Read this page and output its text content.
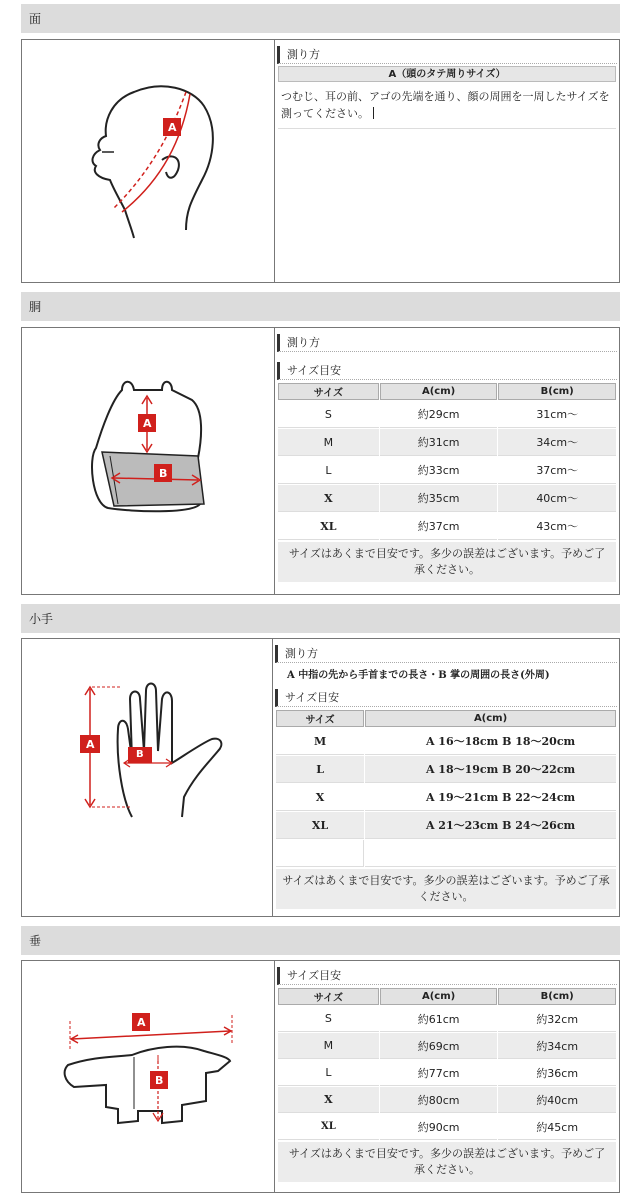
面
A
測り方
A（頭のタテ周りサイズ）
つむじ、耳の前、アゴの先端を通り、顔の周囲を一周したサイズを測ってください。
胴
A
B
測り方
サイズ目安
サイズ	A(cm)	B(cm)
S	約29cm	31cm〜
M	約31cm	34cm〜
L	約33cm	37cm〜
X	約35cm	40cm〜
XL	約37cm	43cm〜
サイズはあくまで目安です。多少の誤差はございます。予めご了承ください。
小手
A
B
測り方
A 中指の先から手首までの長さ・B 掌の周囲の長さ(外周)
サイズ目安
サイズ	A(cm)
M	A 16〜18cm B 18〜20cm
L	A 18〜19cm B 20〜22cm
X	A 19〜21cm B 22〜24cm
XL	A 21〜23cm B 24〜26cm

サイズはあくまで目安です。多少の誤差はございます。予めご了承ください。
垂
A
B
サイズ目安
サイズ	A(cm)	B(cm)
S	約61cm	約32cm
M	約69cm	約34cm
L	約77cm	約36cm
X	約80cm	約40cm
XL	約90cm	約45cm
サイズはあくまで目安です。多少の誤差はございます。予めご了承ください。
